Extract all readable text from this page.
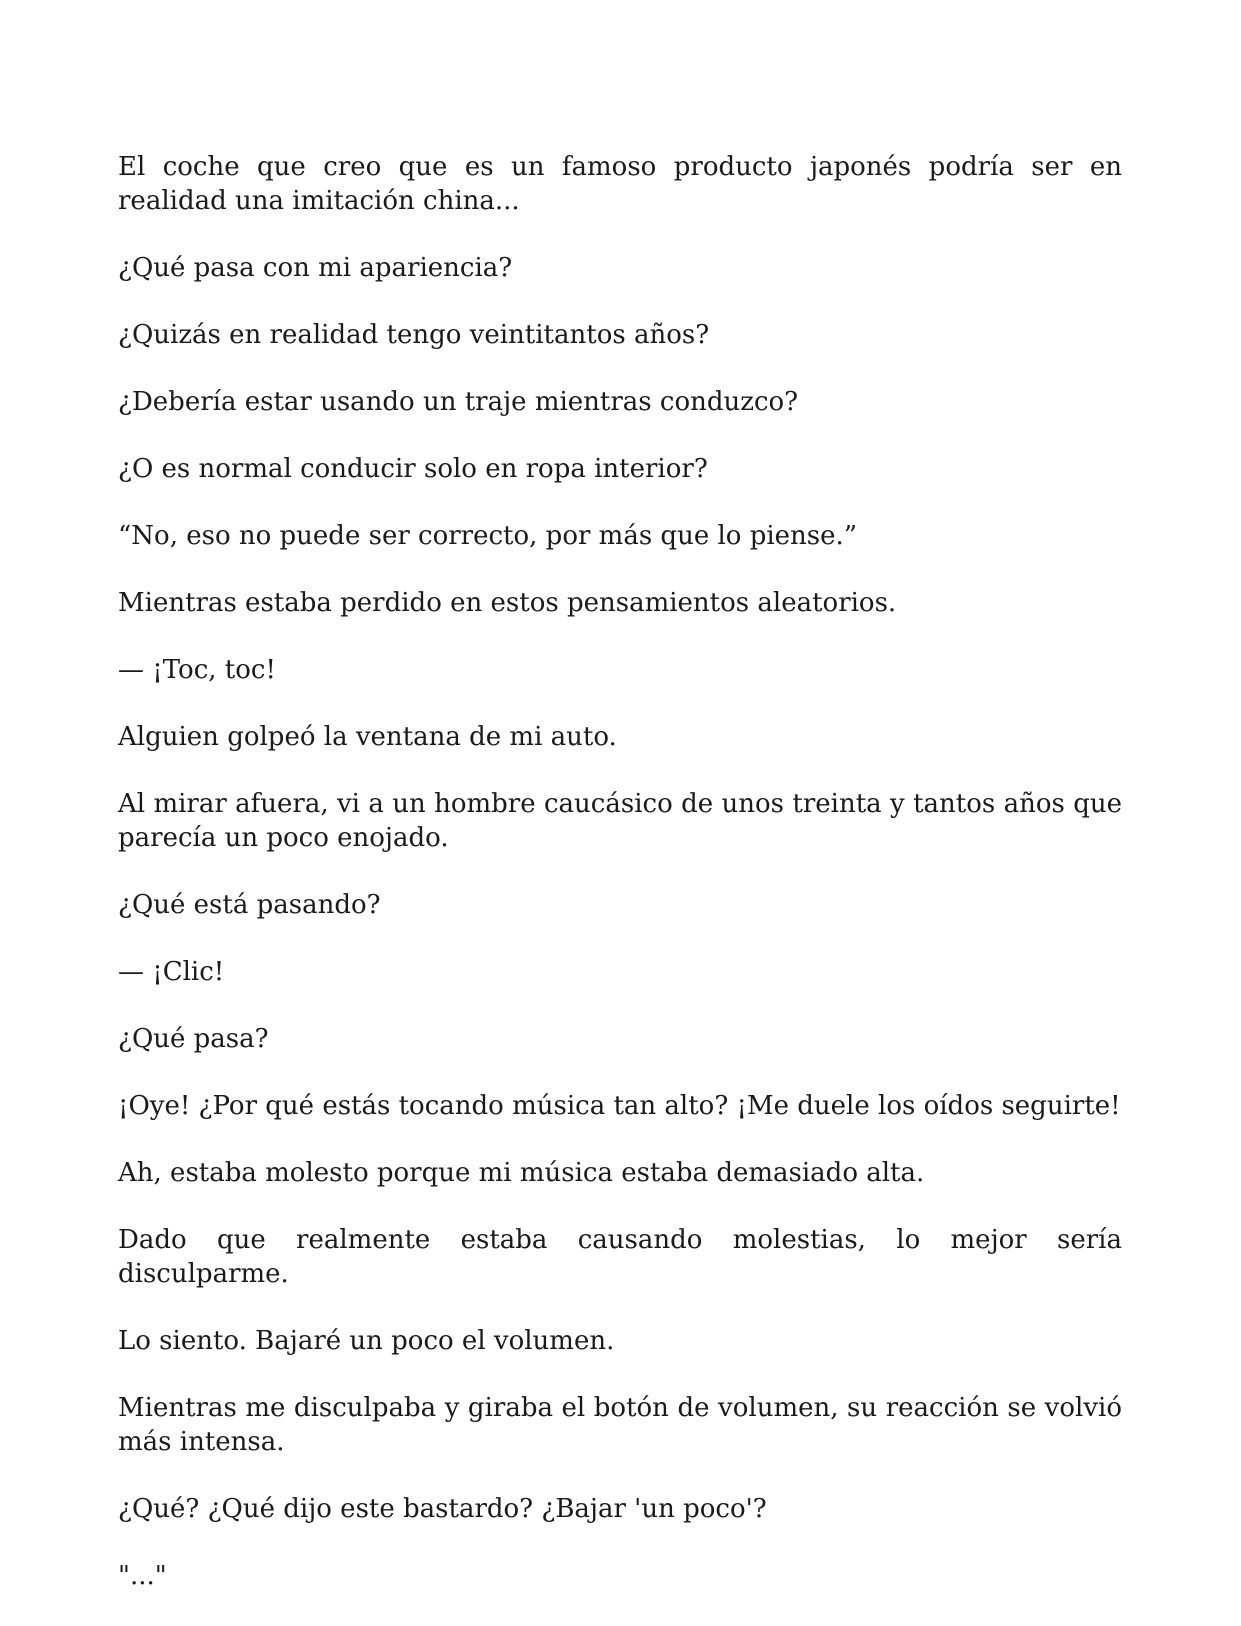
El coche que creo que es un famoso producto japonés podría ser en realidad una imitación china...

¿Qué pasa con mi apariencia?

¿Quizás en realidad tengo veintitantos años?

¿Debería estar usando un traje mientras conduzco?

¿O es normal conducir solo en ropa interior?

“No, eso no puede ser correcto, por más que lo piense.”

Mientras estaba perdido en estos pensamientos aleatorios.

— ¡Toc, toc!

Alguien golpeó la ventana de mi auto.

Al mirar afuera, vi a un hombre caucásico de unos treinta y tantos años que parecía un poco enojado.

¿Qué está pasando?

— ¡Clic!

¿Qué pasa?

¡Oye! ¿Por qué estás tocando música tan alto? ¡Me duele los oídos seguirte!

Ah, estaba molesto porque mi música estaba demasiado alta.

Dado que realmente estaba causando molestias, lo mejor sería disculparme.

Lo siento. Bajaré un poco el volumen.

Mientras me disculpaba y giraba el botón de volumen, su reacción se volvió más intensa.

¿Qué? ¿Qué dijo este bastardo? ¿Bajar 'un poco'?

"..."
